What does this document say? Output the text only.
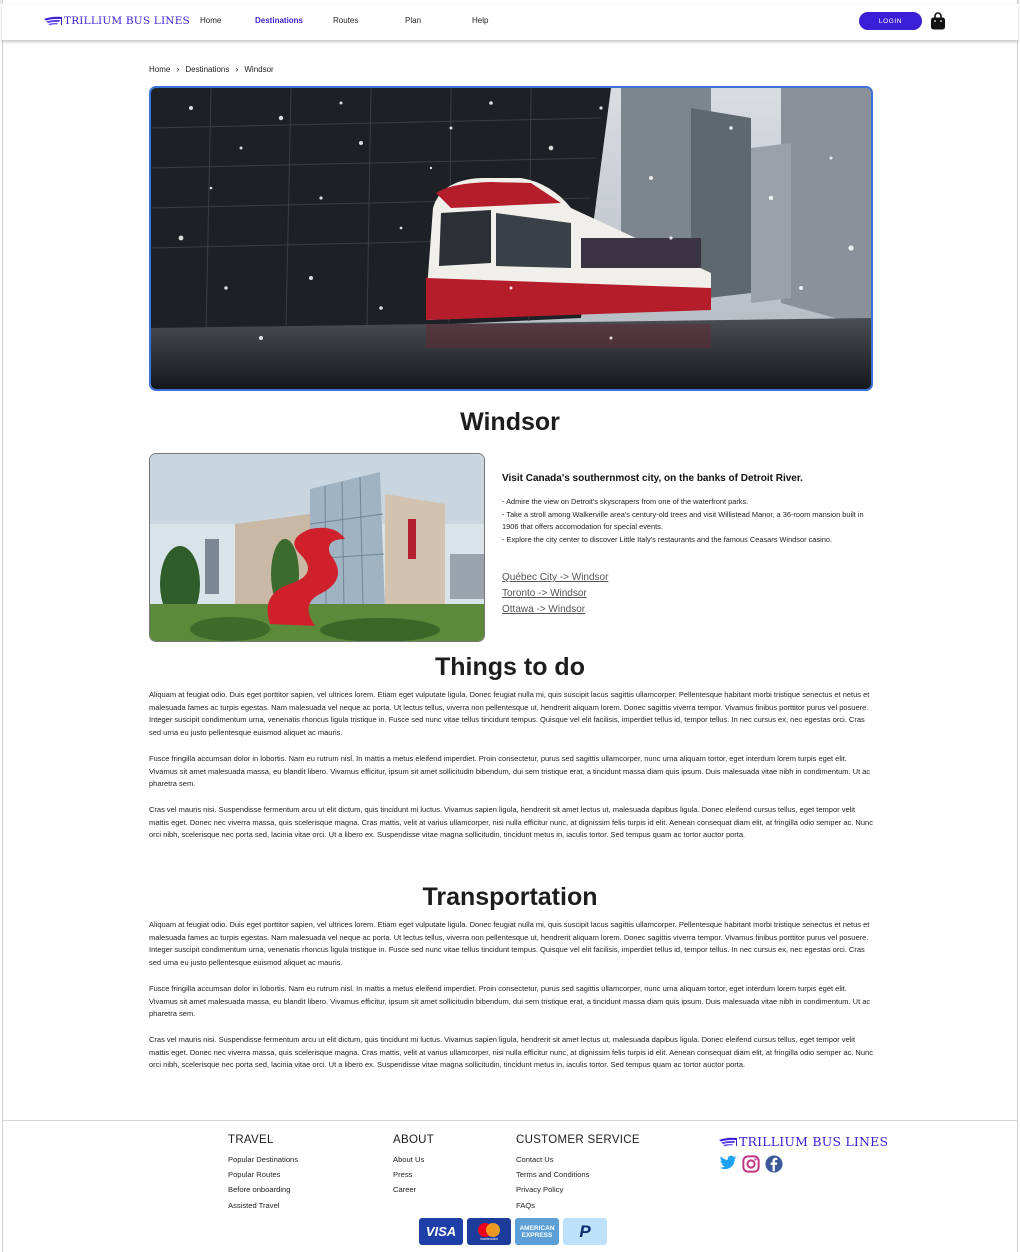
TRILLIUM BUS LINES Home	Destinations	Routes	Plan	Help	LOGIN
Home › Destinations › Windsor
Windsor

Visit Canada's southernmost city, on the banks of Detroit River.

- Admire the view on Detroit's skyscrapers from one of the waterfront parks.

- Take a stroll among Walkerville area's century-old trees and visit Willistead Manor, a 36-room mansion built in 1906 that offers accomodation for special events.

- Explore the city center to discover Little Italy's restaurants and the famous Ceasars Windsor casino.

Québec City -> Windsor
Toronto -> Windsor
Ottawa -> Windsor
Things to do

Aliquam at feugiat odio. Duis eget porttitor sapien, vel ultrices lorem. Etiam eget vulputate ligula. Donec feugiat nulla mi, quis suscipit lacus sagittis ullamcorper. Pellentesque habitant morbi tristique senectus et netus et malesuada fames ac turpis egestas. Nam malesuada vel neque ac porta. Ut lectus tellus, viverra non pellentesque ut, hendrerit aliquam lorem. Donec sagittis viverra tempor. Vivamus finibus porttitor purus vel posuere. Integer suscipit condimentum urna, venenatis rhoncus ligula tristique in. Fusce sed nunc vitae tellus tincidunt tempus. Quisque vel elit facilisis, imperdiet tellus id, tempor tellus. In nec cursus ex, nec egestas orci. Cras sed urna eu justo pellentesque euismod aliquet ac mauris.

Fusce fringilla accumsan dolor in lobortis. Nam eu rutrum nisl. In mattis a metus eleifend imperdiet. Proin consectetur, purus sed sagittis ullamcorper, nunc urna aliquam tortor, eget interdum lorem turpis eget elit. Vivamus sit amet malesuada massa, eu blandit libero. Vivamus efficitur, ipsum sit amet sollicitudin bibendum, dui sem tristique erat, a tincidunt massa diam quis ipsum. Duis malesuada vitae nibh in condimentum. Ut ac pharetra sem.

Cras vel mauris nisi. Suspendisse fermentum arcu ut elit dictum, quis tincidunt mi luctus. Vivamus sapien ligula, hendrerit sit amet lectus ut, malesuada dapibus ligula. Donec eleifend cursus tellus, eget tempor velit mattis eget. Donec nec viverra massa, quis scelerisque magna. Cras mattis, velit at varius ullamcorper, nisi nulla efficitur nunc, at dignissim felis turpis id elit. Aenean consequat diam elit, at fringilla odio semper ac. Nunc orci nibh, scelerisque nec porta sed, lacinia vitae orci. Ut a libero ex. Suspendisse vitae magna sollicitudin, tincidunt metus in, iaculis tortor. Sed tempus quam ac tortor auctor porta.

Transportation

Aliquam at feugiat odio. Duis eget porttitor sapien, vel ultrices lorem. Etiam eget vulputate ligula. Donec feugiat nulla mi, quis suscipit lacus sagittis ullamcorper. Pellentesque habitant morbi tristique senectus et netus et malesuada fames ac turpis egestas. Nam malesuada vel neque ac porta. Ut lectus tellus, viverra non pellentesque ut, hendrerit aliquam lorem. Donec sagittis viverra tempor. Vivamus finibus porttitor purus vel posuere. Integer suscipit condimentum urna, venenatis rhoncus ligula tristique in. Fusce sed nunc vitae tellus tincidunt tempus. Quisque vel elit facilisis, imperdiet tellus id, tempor tellus. In nec cursus ex, nec egestas orci. Cras sed urna eu justo pellentesque euismod aliquet ac mauris.

Fusce fringilla accumsan dolor in lobortis. Nam eu rutrum nisl. In mattis a metus eleifend imperdiet. Proin consectetur, purus sed sagittis ullamcorper, nunc urna aliquam tortor, eget interdum lorem turpis eget elit. Vivamus sit amet malesuada massa, eu blandit libero. Vivamus efficitur, ipsum sit amet sollicitudin bibendum, dui sem tristique erat, a tincidunt massa diam quis ipsum. Duis malesuada vitae nibh in condimentum. Ut ac pharetra sem.

Cras vel mauris nisi. Suspendisse fermentum arcu ut elit dictum, quis tincidunt mi luctus. Vivamus sapien ligula, hendrerit sit amet lectus ut, malesuada dapibus ligula. Donec eleifend cursus tellus, eget tempor velit mattis eget. Donec nec viverra massa, quis scelerisque magna. Cras mattis, velit at varius ullamcorper, nisi nulla efficitur nunc, at dignissim felis turpis id elit. Aenean consequat diam elit, at fringilla odio semper ac. Nunc orci nibh, scelerisque nec porta sed, lacinia vitae orci. Ut a libero ex. Suspendisse vitae magna sollicitudin, tincidunt metus in, iaculis tortor. Sed tempus quam ac tortor auctor porta.

TRAVEL
Popular Destinations
Popular Routes
Before onboarding
Assisted Travel
ABOUT
About Us
Press
Career
CUSTOMER SERVICE
Contact Us
Terms and Conditions
Privacy Policy
FAQs
TRILLIUM BUS LINES
VISA	mastercard
AMERICAN EXPRESS P
